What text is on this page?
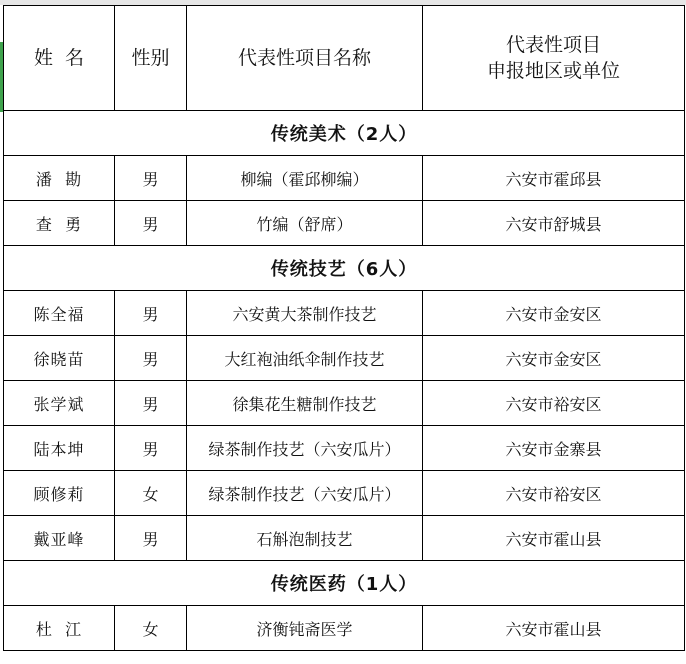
姓  名	性别	代表性项目名称	代表性项目
申报地区或单位

传统美术（2人）			
潘  勘	男	柳编（霍邱柳编）	六安市霍邱县
查  勇	男	竹编（舒席）	六安市舒城县
传统技艺（6人）			
陈全福	男	六安黄大茶制作技艺	六安市金安区
徐晓苗	男	大红袍油纸伞制作技艺	六安市金安区
张学斌	男	徐集花生糖制作技艺	六安市裕安区
陆本坤	男	绿茶制作技艺（六安瓜片）	六安市金寨县
顾修莉	女	绿茶制作技艺（六安瓜片）	六安市裕安区
戴亚峰	男	石斛泡制技艺	六安市霍山县
传统医药（1人）			
杜  江	女	济衡钝斋医学	六安市霍山县
